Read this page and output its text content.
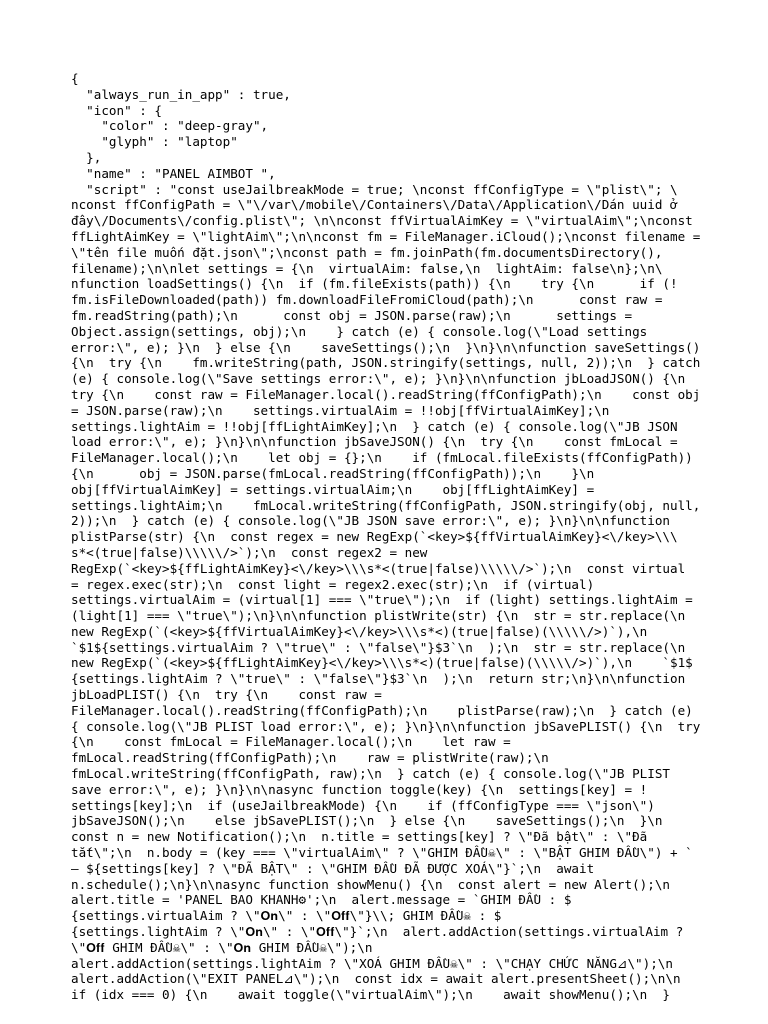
{
"always_run_in_app" : true,
"icon" : {
"color" : "deep-gray",
"glyph" : "laptop"
},
"name" : "PANEL AIMBOT ",
"script" : "const useJailbreakMode = true; \nconst ffConfigType = \"plist\"; \
nconst ffConfigPath = \"\/var\/mobile\/Containers\/Data\/Application\/Dán uuid ở
đây\/Documents\/config.plist\"; \n\nconst ffVirtualAimKey = \"virtualAim\";\nconst
ffLightAimKey = \"lightAim\";\n\nconst fm = FileManager.iCloud();\nconst filename =
\"tên file muốn đặt.json\";\nconst path = fm.joinPath(fm.documentsDirectory(),
filename);\n\nlet settings = {\n  virtualAim: false,\n  lightAim: false\n};\n\
nfunction loadSettings() {\n  if (fm.fileExists(path)) {\n    try {\n      if (!
fm.isFileDownloaded(path)) fm.downloadFileFromiCloud(path);\n      const raw =
fm.readString(path);\n      const obj = JSON.parse(raw);\n      settings =
Object.assign(settings, obj);\n    } catch (e) { console.log(\"Load settings
error:\", e); }\n  } else {\n    saveSettings();\n  }\n}\n\nfunction saveSettings()
{\n  try {\n    fm.writeString(path, JSON.stringify(settings, null, 2));\n  } catch
(e) { console.log(\"Save settings error:\", e); }\n}\n\nfunction jbLoadJSON() {\n
try {\n    const raw = FileManager.local().readString(ffConfigPath);\n    const obj
= JSON.parse(raw);\n    settings.virtualAim = !!obj[ffVirtualAimKey];\n
settings.lightAim = !!obj[ffLightAimKey];\n  } catch (e) { console.log(\"JB JSON
load error:\", e); }\n}\n\nfunction jbSaveJSON() {\n  try {\n    const fmLocal =
FileManager.local();\n    let obj = {};\n    if (fmLocal.fileExists(ffConfigPath))
{\n      obj = JSON.parse(fmLocal.readString(ffConfigPath));\n    }\n
obj[ffVirtualAimKey] = settings.virtualAim;\n    obj[ffLightAimKey] =
settings.lightAim;\n    fmLocal.writeString(ffConfigPath, JSON.stringify(obj, null,
2));\n  } catch (e) { console.log(\"JB JSON save error:\", e); }\n}\n\nfunction
plistParse(str) {\n  const regex = new RegExp(`<key>${ffVirtualAimKey}<\/key>\\\
s*<(true|false)\\\\\/>`);\n  const regex2 = new
RegExp(`<key>${ffLightAimKey}<\/key>\\\s*<(true|false)\\\\\/>`);\n  const virtual
= regex.exec(str);\n  const light = regex2.exec(str);\n  if (virtual)
settings.virtualAim = (virtual[1] === \"true\");\n  if (light) settings.lightAim =
(light[1] === \"true\");\n}\n\nfunction plistWrite(str) {\n  str = str.replace(\n
new RegExp(`(<key>${ffVirtualAimKey}<\/key>\\\s*<)(true|false)(\\\\\/>)`),\n
`$1${settings.virtualAim ? \"true\" : \"false\"}$3`\n  );\n  str = str.replace(\n
new RegExp(`(<key>${ffLightAimKey}<\/key>\\\s*<)(true|false)(\\\\\/>)`),\n    `$1$
{settings.lightAim ? \"true\" : \"false\"}$3`\n  );\n  return str;\n}\n\nfunction
jbLoadPLIST() {\n  try {\n    const raw =
FileManager.local().readString(ffConfigPath);\n    plistParse(raw);\n  } catch (e)
{ console.log(\"JB PLIST load error:\", e); }\n}\n\nfunction jbSavePLIST() {\n  try
{\n    const fmLocal = FileManager.local();\n    let raw =
fmLocal.readString(ffConfigPath);\n    raw = plistWrite(raw);\n
fmLocal.writeString(ffConfigPath, raw);\n  } catch (e) { console.log(\"JB PLIST
save error:\", e); }\n}\n\nasync function toggle(key) {\n  settings[key] = !
settings[key];\n  if (useJailbreakMode) {\n    if (ffConfigType === \"json\")
jbSaveJSON();\n    else jbSavePLIST();\n  } else {\n    saveSettings();\n  }\n
const n = new Notification();\n  n.title = settings[key] ? \"Đã bật\" : \"Đã
tắt\";\n  n.body = (key === \"virtualAim\" ? \"GHIM ĐẦU☠\" : \"BẬT GHIM ĐẦU\") + `
– ${settings[key] ? \"ĐÃ BẬT\" : \"GHIM ĐẦU ĐÃ ĐƯỢC XOÁ\"}`;\n  await
n.schedule();\n}\n\nasync function showMenu() {\n  const alert = new Alert();\n
alert.title = 'PANEL BAO KHANH⚙';\n  alert.message = `GHIM ĐẦU : $
{settings.virtualAim ? \"𝐎𝐧\" : \"𝐎𝐟𝐟\"}\\; GHIM ĐẦU☠ : $
{settings.lightAim ? \"𝐎𝐧\" : \"𝐎𝐟𝐟\"}`;\n  alert.addAction(settings.virtualAim ?
\"𝐎𝐟𝐟 GHIM ĐẦU☠\" : \"𝐎𝐧 GHIM ĐẦU☠\");\n
alert.addAction(settings.lightAim ? \"XOÁ GHIM ĐẦU☠\" : \"CHẠY CHỨC NĂNG⊿\");\n
alert.addAction(\"EXIT PANEL⊿\");\n  const idx = await alert.presentSheet();\n\n
if (idx === 0) {\n    await toggle(\"virtualAim\");\n    await showMenu();\n  }
